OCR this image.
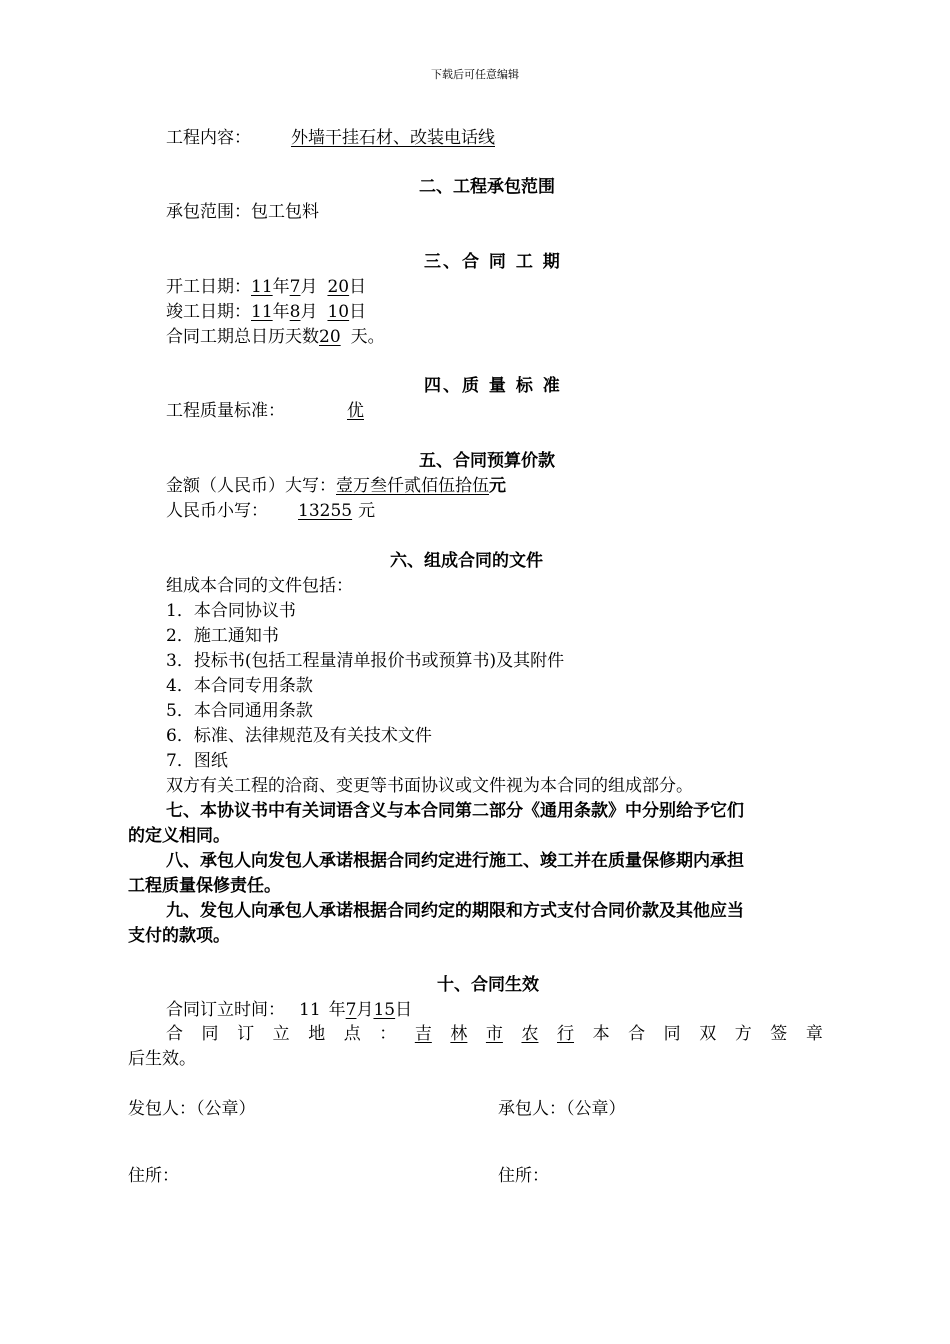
下载后可任意编辑
工程内容： 外墙干挂石材、改装电话线
二、工程承包范围
承包范围：包工包料
三、合 同 工 期
开工日期：11年7月 20日
竣工日期：11年8月 10日
合同工期总日历天数20 天。
四、质 量 标 准
工程质量标准：	优
五、合同预算价款
金额（人民币）大写：壹万叁仟贰佰伍拾伍元
人民币小写： 13255 元
六、组成合同的文件
组成本合同的文件包括：
1．本合同协议书
2．施工通知书
3．投标书(包括工程量清单报价书或预算书)及其附件
4．本合同专用条款
5．本合同通用条款
6．标准、法律规范及有关技术文件
7．图纸
双方有关工程的洽商、变更等书面协议或文件视为本合同的组成部分。
七、本协议书中有关词语含义与本合同第二部分《通用条款》中分别给予它们
的定义相同。
八、承包人向发包人承诺根据合同约定进行施工、竣工并在质量保修期内承担
工程质量保修责任。
九、发包人向承包人承诺根据合同约定的期限和方式支付合同价款及其他应当
支付的款项。
十、合同生效
合同订立时间： 11 年7月15日
合 同 订 立 地 点 ： 吉 林 市 农 行 本 合 同 双 方 签 章
后生效。
发包人：（公章）	承包人：（公章）
住所：	住所：
